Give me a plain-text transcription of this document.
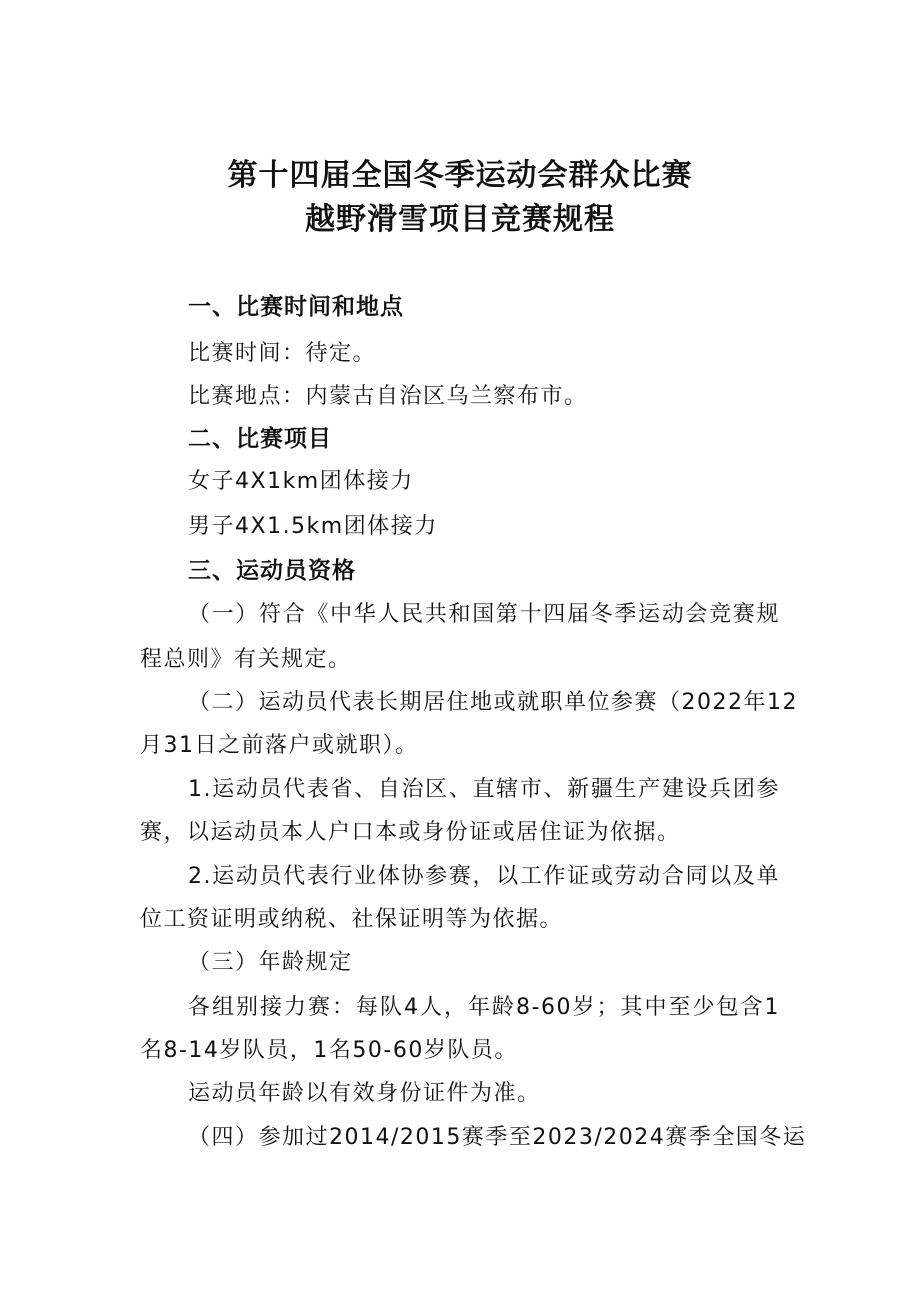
第十四届全国冬季运动会群众比赛
越野滑雪项目竞赛规程
一、比赛时间和地点
比赛时间：待定。
比赛地点：内蒙古自治区乌兰察布市。
二、比赛项目
女子4X1km团体接力
男子4X1.5km团体接力
三、运动员资格
（一）符合《中华人民共和国第十四届冬季运动会竞赛规
程总则》有关规定。
（二）运动员代表长期居住地或就职单位参赛（2022年12
月31日之前落户或就职）。
1.运动员代表省、自治区、直辖市、新疆生产建设兵团参
赛，以运动员本人户口本或身份证或居住证为依据。
2.运动员代表行业体协参赛，以工作证或劳动合同以及单
位工资证明或纳税、社保证明等为依据。
（三）年龄规定
各组别接力赛：每队4人，年龄8-60岁；其中至少包含1
名8-14岁队员，1名50-60岁队员。
运动员年龄以有效身份证件为准。
（四）参加过2014/2015赛季至2023/2024赛季全国冬运
